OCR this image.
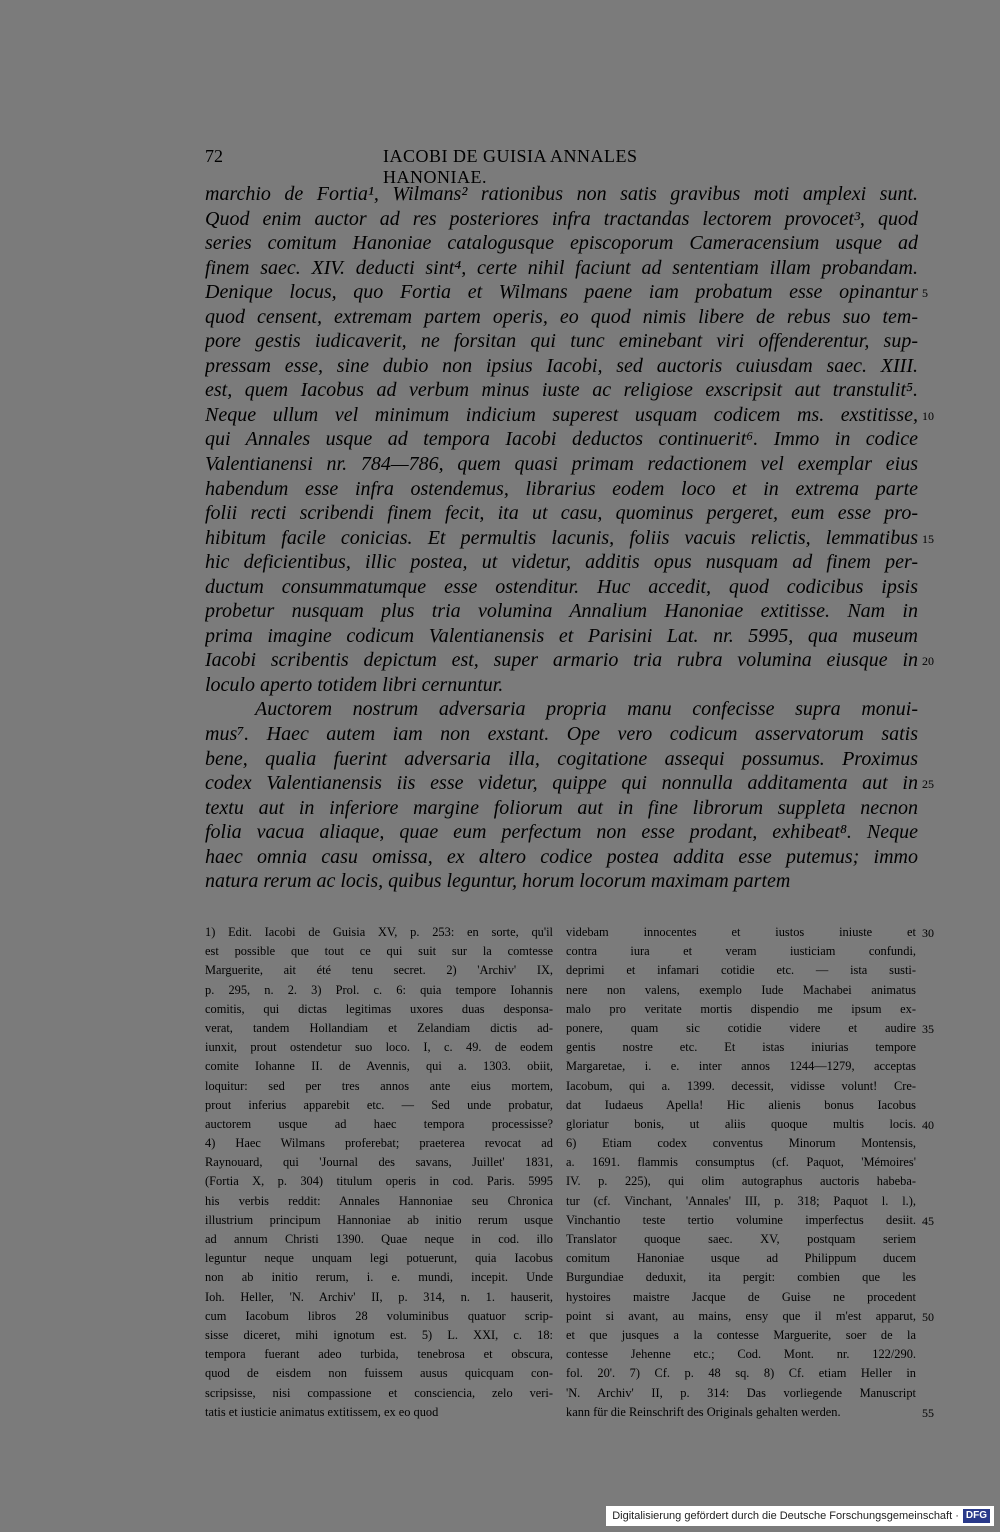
72	IACOBI DE GUISIA ANNALES HANONIAE.
marchio de Fortia¹, Wilmans² rationibus non satis gravibus moti amplexi sunt.
Quod enim auctor ad res posteriores infra tractandas lectorem provocet³, quod
series comitum Hanoniae catalogusque episcoporum Cameracensium usque ad
finem saec. XIV. deducti sint⁴, certe nihil faciunt ad sententiam illam probandam.
Denique locus, quo Fortia et Wilmans paene iam probatum esse opinantur
quod censent, extremam partem operis, eo quod nimis libere de rebus suo tem-
pore gestis iudicaverit, ne forsitan qui tunc eminebant viri offenderentur, sup-
pressam esse, sine dubio non ipsius Iacobi, sed auctoris cuiusdam saec. XIII.
est, quem Iacobus ad verbum minus iuste ac religiose exscripsit aut transtulit⁵.
Neque ullum vel minimum indicium superest usquam codicem ms. exstitisse,
qui Annales usque ad tempora Iacobi deductos continuerit⁶. Immo in codice
Valentianensi nr. 784—786, quem quasi primam redactionem vel exemplar eius
habendum esse infra ostendemus, librarius eodem loco et in extrema parte
folii recti scribendi finem fecit, ita ut casu, quominus pergeret, eum esse pro-
hibitum facile conicias. Et permultis lacunis, foliis vacuis relictis, lemmatibus
hic deficientibus, illic postea, ut videtur, additis opus nusquam ad finem per-
ductum consummatumque esse ostenditur. Huc accedit, quod codicibus ipsis
probetur nusquam plus tria volumina Annalium Hanoniae extitisse. Nam in
prima imagine codicum Valentianensis et Parisini Lat. nr. 5995, qua museum
Iacobi scribentis depictum est, super armario tria rubra volumina eiusque in
loculo aperto totidem libri cernuntur.
Auctorem nostrum adversaria propria manu confecisse supra monui-
mus⁷. Haec autem iam non exstant. Ope vero codicum asservatorum satis
bene, qualia fuerint adversaria illa, cogitatione assequi possumus. Proximus
codex Valentianensis iis esse videtur, quippe qui nonnulla additamenta aut in
textu aut in inferiore margine foliorum aut in fine librorum suppleta necnon
folia vacua aliaque, quae eum perfectum non esse prodant, exhibeat⁸. Neque
haec omnia casu omissa, ex altero codice postea addita esse putemus; immo
natura rerum ac locis, quibus leguntur, horum locorum maximam partem
5
10
15
20
25
1) Edit. Iacobi de Guisia XV, p. 253: en sorte, qu'il
est possible que tout ce qui suit sur la comtesse
Marguerite, ait été tenu secret. 2) 'Archiv' IX,
p. 295, n. 2. 3) Prol. c. 6: quia tempore Iohannis
comitis, qui dictas legitimas uxores duas desponsa-
verat, tandem Hollandiam et Zelandiam dictis ad-
iunxit, prout ostendetur suo loco. I, c. 49. de eodem
comite Iohanne II. de Avennis, qui a. 1303. obiit,
loquitur: sed per tres annos ante eius mortem,
prout inferius apparebit etc. — Sed unde probatur,
auctorem usque ad haec tempora processisse?
4) Haec Wilmans proferebat; praeterea revocat ad
Raynouard, qui 'Journal des savans, Juillet' 1831,
(Fortia X, p. 304) titulum operis in cod. Paris. 5995
his verbis reddit: Annales Hannoniae seu Chronica
illustrium principum Hannoniae ab initio rerum usque
ad annum Christi 1390. Quae neque in cod. illo
leguntur neque unquam legi potuerunt, quia Iacobus
non ab initio rerum, i. e. mundi, incepit. Unde
Ioh. Heller, 'N. Archiv' II, p. 314, n. 1. hauserit,
cum Iacobum libros 28 voluminibus quatuor scrip-
sisse diceret, mihi ignotum est. 5) L. XXI, c. 18:
tempora fuerant adeo turbida, tenebrosa et obscura,
quod de eisdem non fuissem ausus quicquam con-
scripsisse, nisi compassione et consciencia, zelo veri-
tatis et iusticie animatus extitissem, ex eo quod
videbam innocentes et iustos iniuste et
contra iura et veram iusticiam confundi,
deprimi et infamari cotidie etc. — ista susti-
nere non valens, exemplo Iude Machabei animatus
malo pro veritate mortis dispendio me ipsum ex-
ponere, quam sic cotidie videre et audire
gentis nostre etc. Et istas iniurias tempore
Margaretae, i. e. inter annos 1244—1279, acceptas
Iacobum, qui a. 1399. decessit, vidisse volunt! Cre-
dat Iudaeus Apella! Hic alienis bonus Iacobus
gloriatur bonis, ut aliis quoque multis locis.
6) Etiam codex conventus Minorum Montensis,
a. 1691. flammis consumptus (cf. Paquot, 'Mémoires'
IV. p. 225), qui olim autographus auctoris habeba-
tur (cf. Vinchant, 'Annales' III, p. 318; Paquot l. l.),
Vinchantio teste tertio volumine imperfectus desiit.
Translator quoque saec. XV, postquam seriem
comitum Hanoniae usque ad Philippum ducem
Burgundiae deduxit, ita pergit: combien que les
hystoires maistre Jacque de Guise ne procedent
point si avant, au mains, ensy que il m'est apparut,
et que jusques a la contesse Marguerite, soer de la
contesse Jehenne etc.; Cod. Mont. nr. 122/290.
fol. 20'. 7) Cf. p. 48 sq. 8) Cf. etiam Heller in
'N. Archiv' II, p. 314: Das vorliegende Manuscript
kann für die Reinschrift des Originals gehalten werden.
30
35
40
45
50
55
Digitalisierung gefördert durch die Deutsche Forschungsgemeinschaft · DFG
